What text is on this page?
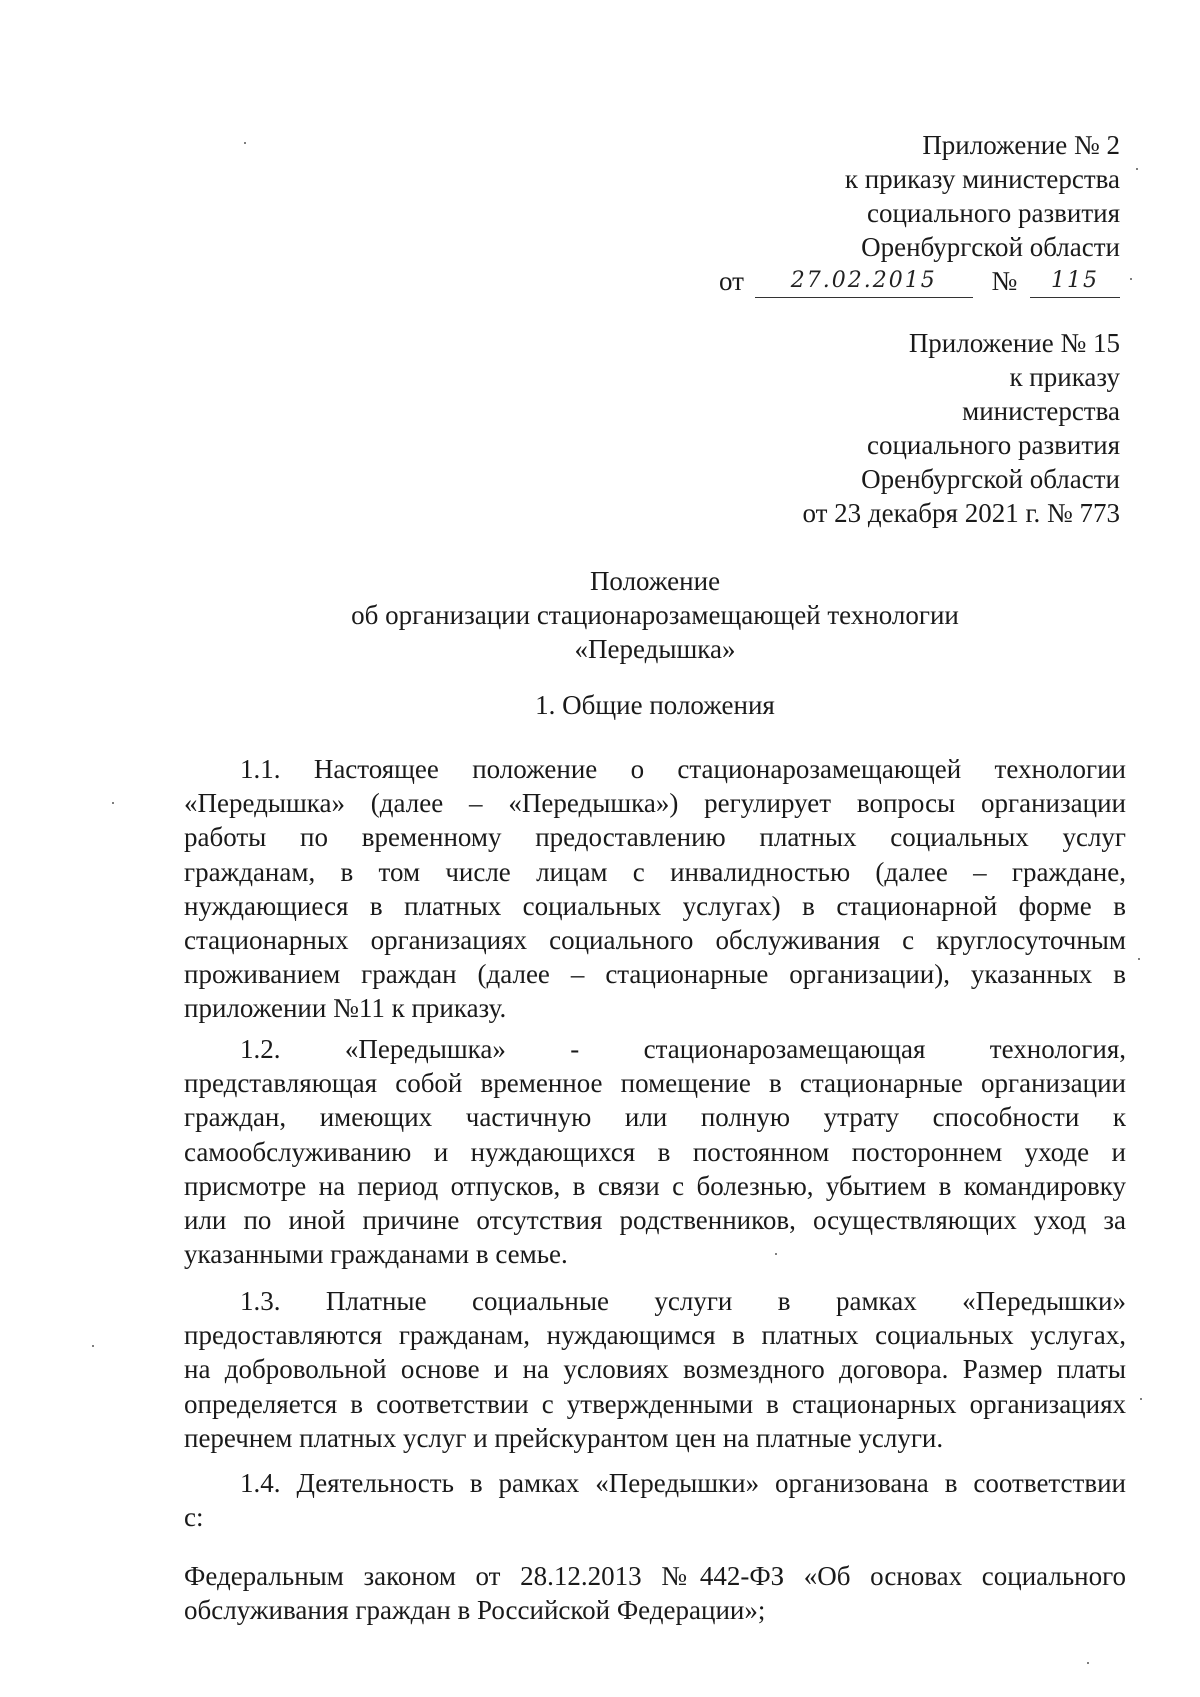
Приложение № 2
к приказу министерства
социального развития
Оренбургской области
от $^{27.02.2015}$ № $^{115}$
Приложение № 15
к приказу
министерства
социального развития
Оренбургской области
от 23 декабря 2021 г. № 773
Положение
об организации стационарозамещающей технологии
«Передышка»
1. Общие положения
1.1. Настоящее положение о стационарозамещающей технологии
«Передышка» (далее – «Передышка») регулирует вопросы организации
работы по временному предоставлению платных социальных услуг
гражданам, в том числе лицам с инвалидностью (далее – граждане,
нуждающиеся в платных социальных услугах) в стационарной форме в
стационарных организациях социального обслуживания с круглосуточным
проживанием граждан (далее – стационарные организации), указанных в
приложении №11 к приказу.
1.2. «Передышка» - стационарозамещающая технология,
представляющая собой временное помещение в стационарные организации
граждан, имеющих частичную или полную утрату способности к
самообслуживанию и нуждающихся в постоянном постороннем уходе и
присмотре на период отпусков, в связи с болезнью, убытием в командировку
или по иной причине отсутствия родственников, осуществляющих уход за
указанными гражданами в семье.
1.3. Платные социальные услуги в рамках «Передышки»
предоставляются гражданам, нуждающимся в платных социальных услугах,
на добровольной основе и на условиях возмездного договора. Размер платы
определяется в соответствии с утвержденными в стационарных организациях
перечнем платных услуг и прейскурантом цен на платные услуги.
1.4. Деятельность в рамках «Передышки» организована в соответствии
с:
Федеральным законом от 28.12.2013 №442-ФЗ «Об основах социального
обслуживания граждан в Российской Федерации»;
